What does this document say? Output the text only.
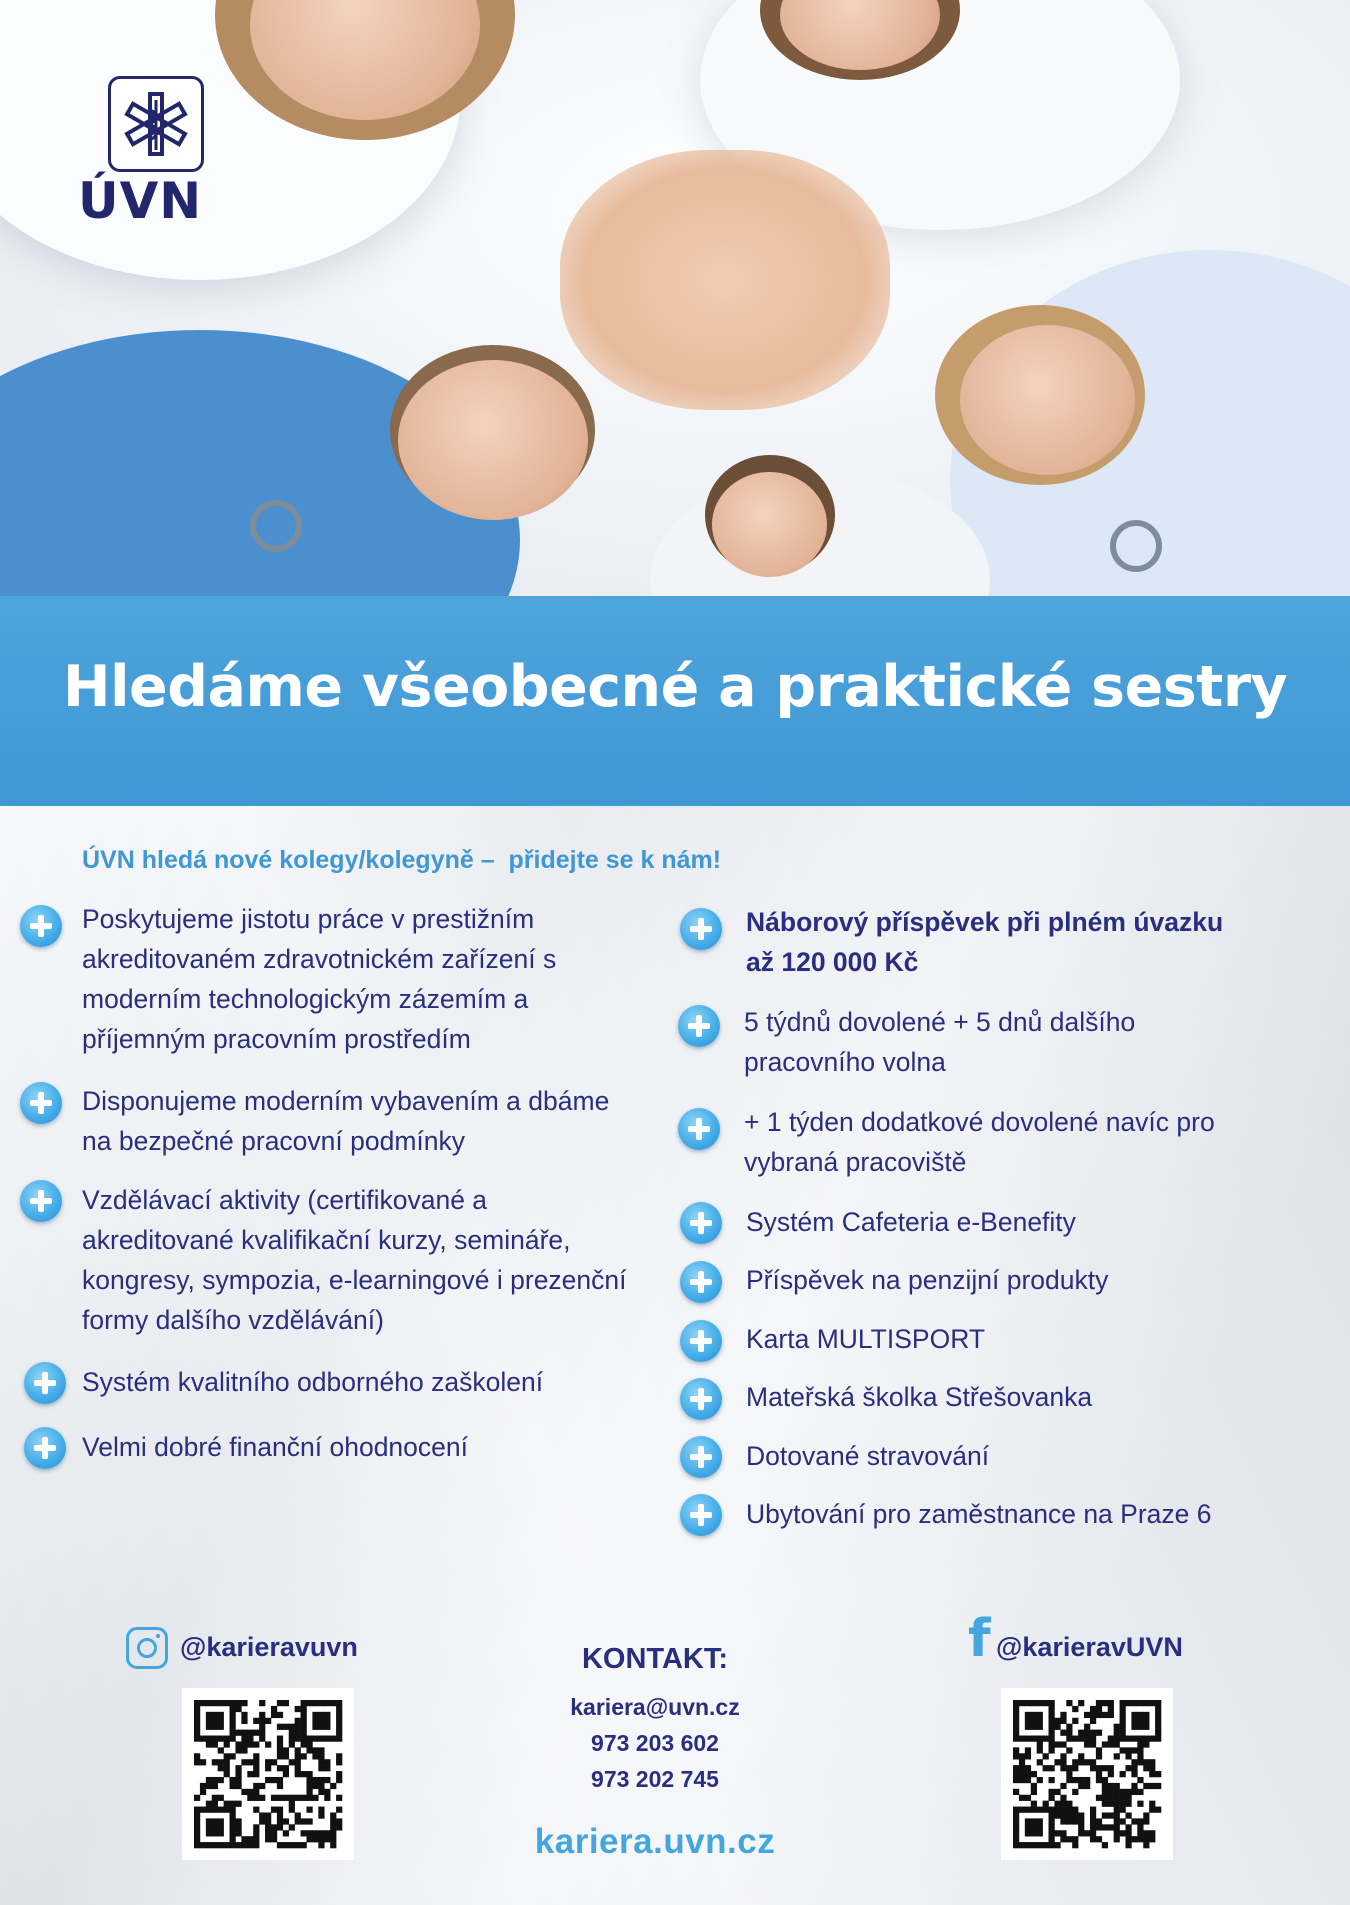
ÚVN
Hledáme všeobecné a praktické sestry
ÚVN hledá nové kolegy/kolegyně –  přidejte se k nám!
Poskytujeme jistotu práce v prestižním
akreditovaném zdravotnickém zařízení s
moderním technologickým zázemím a
příjemným pracovním prostředím
Disponujeme moderním vybavením a dbáme
na bezpečné pracovní podmínky
Vzdělávací aktivity (certifikované a
akreditované kvalifikační kurzy, semináře,
kongresy, sympozia, e-learningové i prezenční
formy dalšího vzdělávání)
Systém kvalitního odborného zaškolení
Velmi dobré finanční ohodnocení
Náborový příspěvek při plném úvazku
až 120 000 Kč
5 týdnů dovolené + 5 dnů dalšího
pracovního volna
+ 1 týden dodatkové dovolené navíc pro
vybraná pracoviště
Systém Cafeteria e-Benefity
Příspěvek na penzijní produkty
Karta MULTISPORT
Mateřská školka Střešovanka
Dotované stravování
Ubytování pro zaměstnance na Praze 6
@karieravuvn	f @karieravUVN
KONTAKT:
kariera@uvn.cz
973 203 602
973 202 745
kariera.uvn.cz
